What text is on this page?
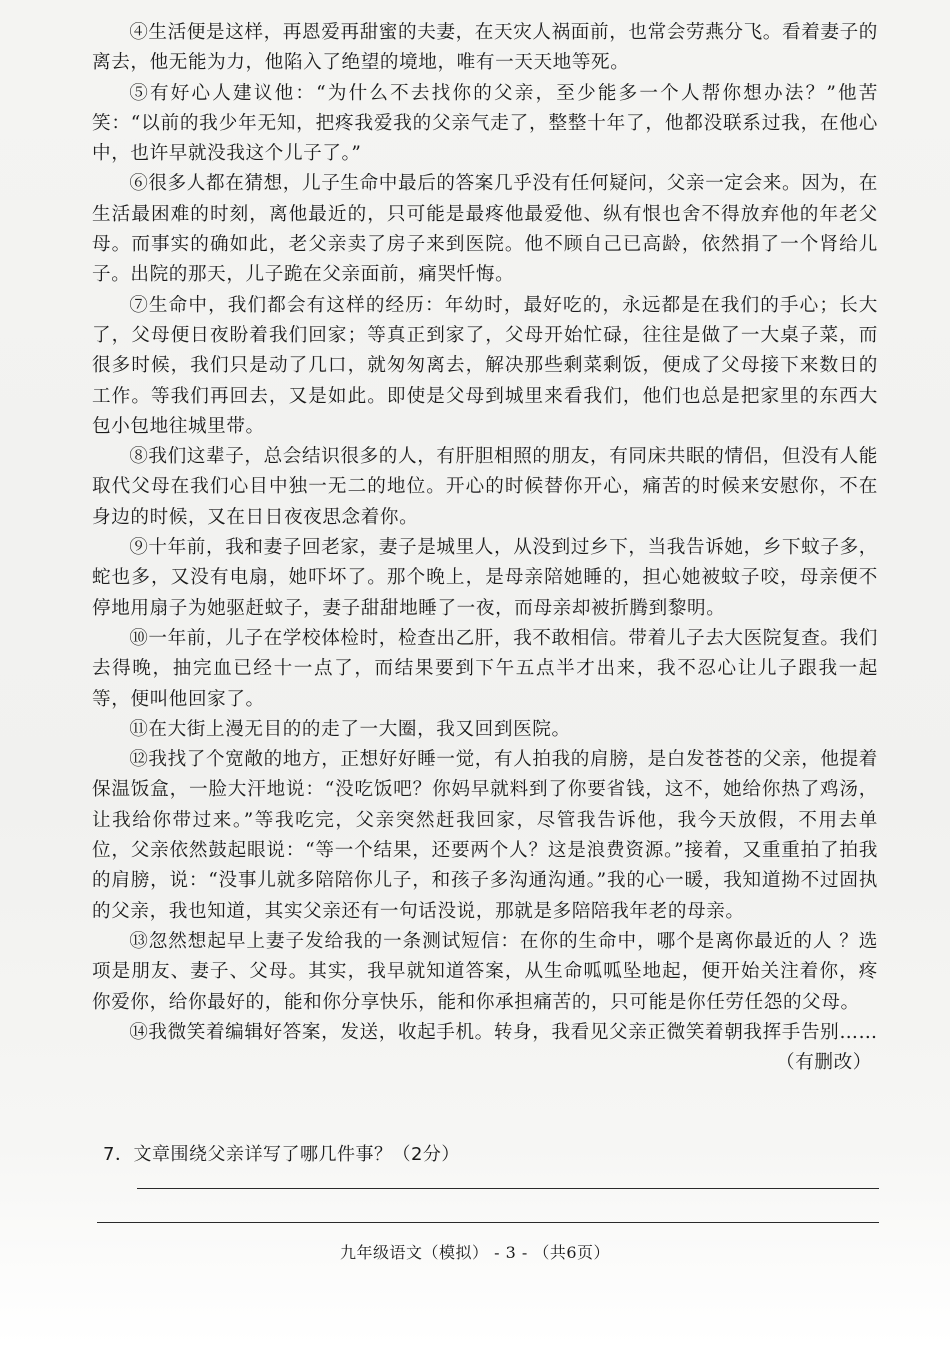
④生活便是这样，再恩爱再甜蜜的夫妻，在天灾人祸面前，也常会劳燕分飞。看着妻子的离去，他无能为力，他陷入了绝望的境地，唯有一天天地等死。

⑤有好心人建议他：“为什么不去找你的父亲，至少能多一个人帮你想办法？”他苦笑：“以前的我少年无知，把疼我爱我的父亲气走了，整整十年了，他都没联系过我，在他心中，也许早就没我这个儿子了。”

⑥很多人都在猜想，儿子生命中最后的答案几乎没有任何疑问，父亲一定会来。因为，在生活最困难的时刻，离他最近的，只可能是最疼他最爱他、纵有恨也舍不得放弃他的年老父母。而事实的确如此，老父亲卖了房子来到医院。他不顾自己已高龄，依然捐了一个肾给儿子。出院的那天，儿子跪在父亲面前，痛哭忏悔。

⑦生命中，我们都会有这样的经历：年幼时，最好吃的，永远都是在我们的手心；长大了，父母便日夜盼着我们回家；等真正到家了，父母开始忙碌，往往是做了一大桌子菜，而很多时候，我们只是动了几口，就匆匆离去，解决那些剩菜剩饭，便成了父母接下来数日的工作。等我们再回去，又是如此。即使是父母到城里来看我们，他们也总是把家里的东西大包小包地往城里带。

⑧我们这辈子，总会结识很多的人，有肝胆相照的朋友，有同床共眠的情侣，但没有人能取代父母在我们心目中独一无二的地位。开心的时候替你开心，痛苦的时候来安慰你，不在身边的时候，又在日日夜夜思念着你。

⑨十年前，我和妻子回老家，妻子是城里人，从没到过乡下，当我告诉她，乡下蚊子多，蛇也多，又没有电扇，她吓坏了。那个晚上，是母亲陪她睡的，担心她被蚊子咬，母亲便不停地用扇子为她驱赶蚊子，妻子甜甜地睡了一夜，而母亲却被折腾到黎明。

⑩一年前，儿子在学校体检时，检查出乙肝，我不敢相信。带着儿子去大医院复查。我们去得晚，抽完血已经十一点了，而结果要到下午五点半才出来，我不忍心让儿子跟我一起等，便叫他回家了。

⑪在大街上漫无目的的走了一大圈，我又回到医院。

⑫我找了个宽敞的地方，正想好好睡一觉，有人拍我的肩膀，是白发苍苍的父亲，他提着保温饭盒，一脸大汗地说：“没吃饭吧？你妈早就料到了你要省钱，这不，她给你热了鸡汤，让我给你带过来。”等我吃完，父亲突然赶我回家，尽管我告诉他，我今天放假，不用去单位，父亲依然鼓起眼说：“等一个结果，还要两个人？这是浪费资源。”接着，又重重拍了拍我的肩膀，说：“没事儿就多陪陪你儿子，和孩子多沟通沟通。”我的心一暖，我知道拗不过固执的父亲，我也知道，其实父亲还有一句话没说，那就是多陪陪我年老的母亲。

⑬忽然想起早上妻子发给我的一条测试短信：在你的生命中，哪个是离你最近的人 ？选项是朋友、妻子、父母。其实，我早就知道答案，从生命呱呱坠地起，便开始关注着你，疼你爱你，给你最好的，能和你分享快乐，能和你承担痛苦的，只可能是你任劳任怨的父母。

⑭我微笑着编辑好答案，发送，收起手机。转身，我看见父亲正微笑着朝我挥手告别……

（有删改）

7．文章围绕父亲详写了哪几件事？（2分）
九年级语文（模拟） - 3 - （共6页）
